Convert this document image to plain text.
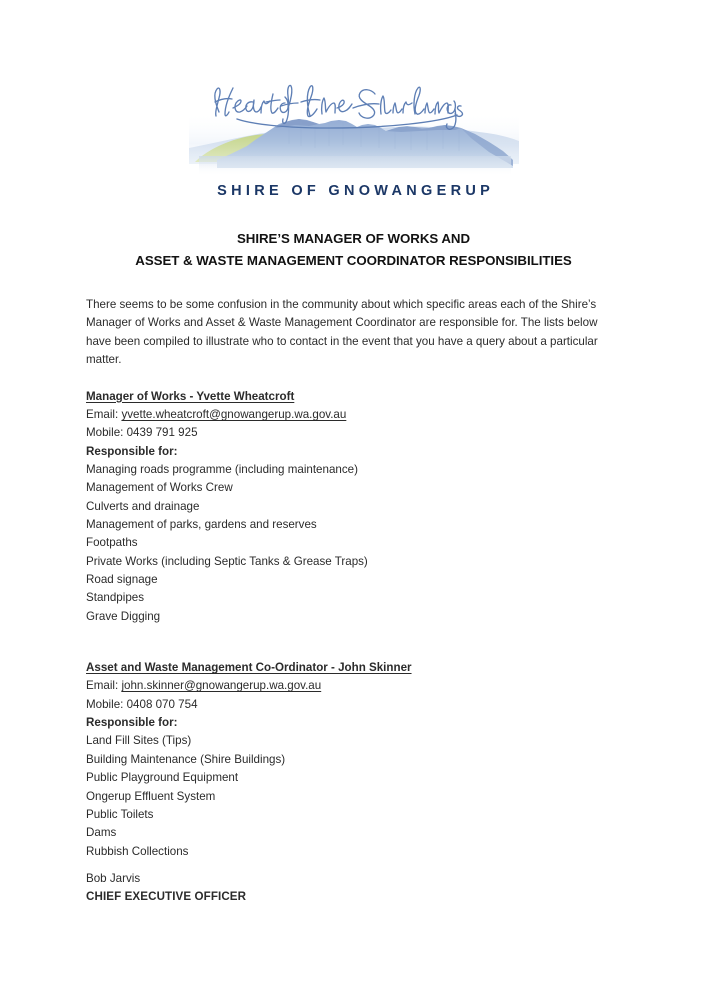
SHIRE OF GNOWANGERUP
SHIRE’S MANAGER OF WORKS AND
ASSET & WASTE MANAGEMENT COORDINATOR RESPONSIBILITIES

There seems to be some confusion in the community about which specific areas each of the Shire’s Manager of Works and Asset & Waste Management Coordinator are responsible for. The lists below have been compiled to illustrate who to contact in the event that you have a query about a particular matter.

Manager of Works - Yvette Wheatcroft

Email: yvette.wheatcroft@gnowangerup.wa.gov.au

Mobile: 0439 791 925

Responsible for:

Managing roads programme (including maintenance)
Management of Works Crew
Culverts and drainage
Management of parks, gardens and reserves
Footpaths
Private Works (including Septic Tanks & Grease Traps)
Road signage
Standpipes
Grave Digging

Asset and Waste Management Co-Ordinator - John Skinner

Email: john.skinner@gnowangerup.wa.gov.au

Mobile: 0408 070 754

Responsible for:

Land Fill Sites (Tips)
Building Maintenance (Shire Buildings)
Public Playground Equipment
Ongerup Effluent System
Public Toilets
Dams
Rubbish Collections

Bob Jarvis

CHIEF EXECUTIVE OFFICER
